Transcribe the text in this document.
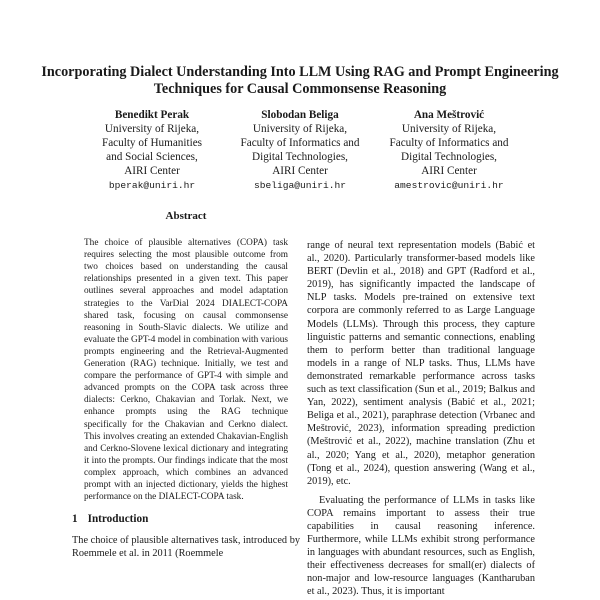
Incorporating Dialect Understanding Into LLM Using RAG and Prompt Engineering Techniques for Causal Commonsense Reasoning
Benedikt Perak
University of Rijeka,
Faculty of Humanities
and Social Sciences,
AIRI Center
bperak@uniri.hr
Slobodan Beliga
University of Rijeka,
Faculty of Informatics and
Digital Technologies,
AIRI Center
sbeliga@uniri.hr
Ana Meštrović
University of Rijeka,
Faculty of Informatics and
Digital Technologies,
AIRI Center
amestrovic@uniri.hr
Abstract

The choice of plausible alternatives (COPA) task requires selecting the most plausible outcome from two choices based on understanding the causal relationships presented in a given text. This paper outlines several approaches and model adaptation strategies to the VarDial 2024 DIALECT-COPA shared task, focusing on causal commonsense reasoning in South-Slavic dialects. We utilize and evaluate the GPT-4 model in combination with various prompts engineering and the Retrieval-Augmented Generation (RAG) technique. Initially, we test and compare the performance of GPT-4 with simple and advanced prompts on the COPA task across three dialects: Cerkno, Chakavian and Torlak. Next, we enhance prompts using the RAG technique specifically for the Chakavian and Cerkno dialect. This involves creating an extended Chakavian-English and Cerkno-Slovene lexical dictionary and integrating it into the prompts. Our findings indicate that the most complex approach, which combines an advanced prompt with an injected dictionary, yields the highest performance on the DIALECT-COPA task.

1 Introduction

The choice of plausible alternatives task, introduced by Roemmele et al. in 2011 (Roemmele

range of neural text representation models (Babić et al., 2020). Particularly transformer-based models like BERT (Devlin et al., 2018) and GPT (Radford et al., 2019), has significantly impacted the landscape of NLP tasks. Models pre-trained on extensive text corpora are commonly referred to as Large Language Models (LLMs). Through this process, they capture linguistic patterns and semantic connections, enabling them to perform better than traditional language models in a range of NLP tasks. Thus, LLMs have demonstrated remarkable performance across tasks such as text classification (Sun et al., 2019; Balkus and Yan, 2022), sentiment analysis (Babić et al., 2021; Beliga et al., 2021), paraphrase detection (Vrbanec and Meštrović, 2023), information spreading prediction (Meštrović et al., 2022), machine translation (Zhu et al., 2020; Yang et al., 2020), metaphor generation (Tong et al., 2024), question answering (Wang et al., 2019), etc.

Evaluating the performance of LLMs in tasks like COPA remains important to assess their true capabilities in causal reasoning inference. Furthermore, while LLMs exhibit strong performance in languages with abundant resources, such as English, their effectiveness decreases for small(er) dialects of non-major and low-resource languages (Kantharuban et al., 2023). Thus, it is important
